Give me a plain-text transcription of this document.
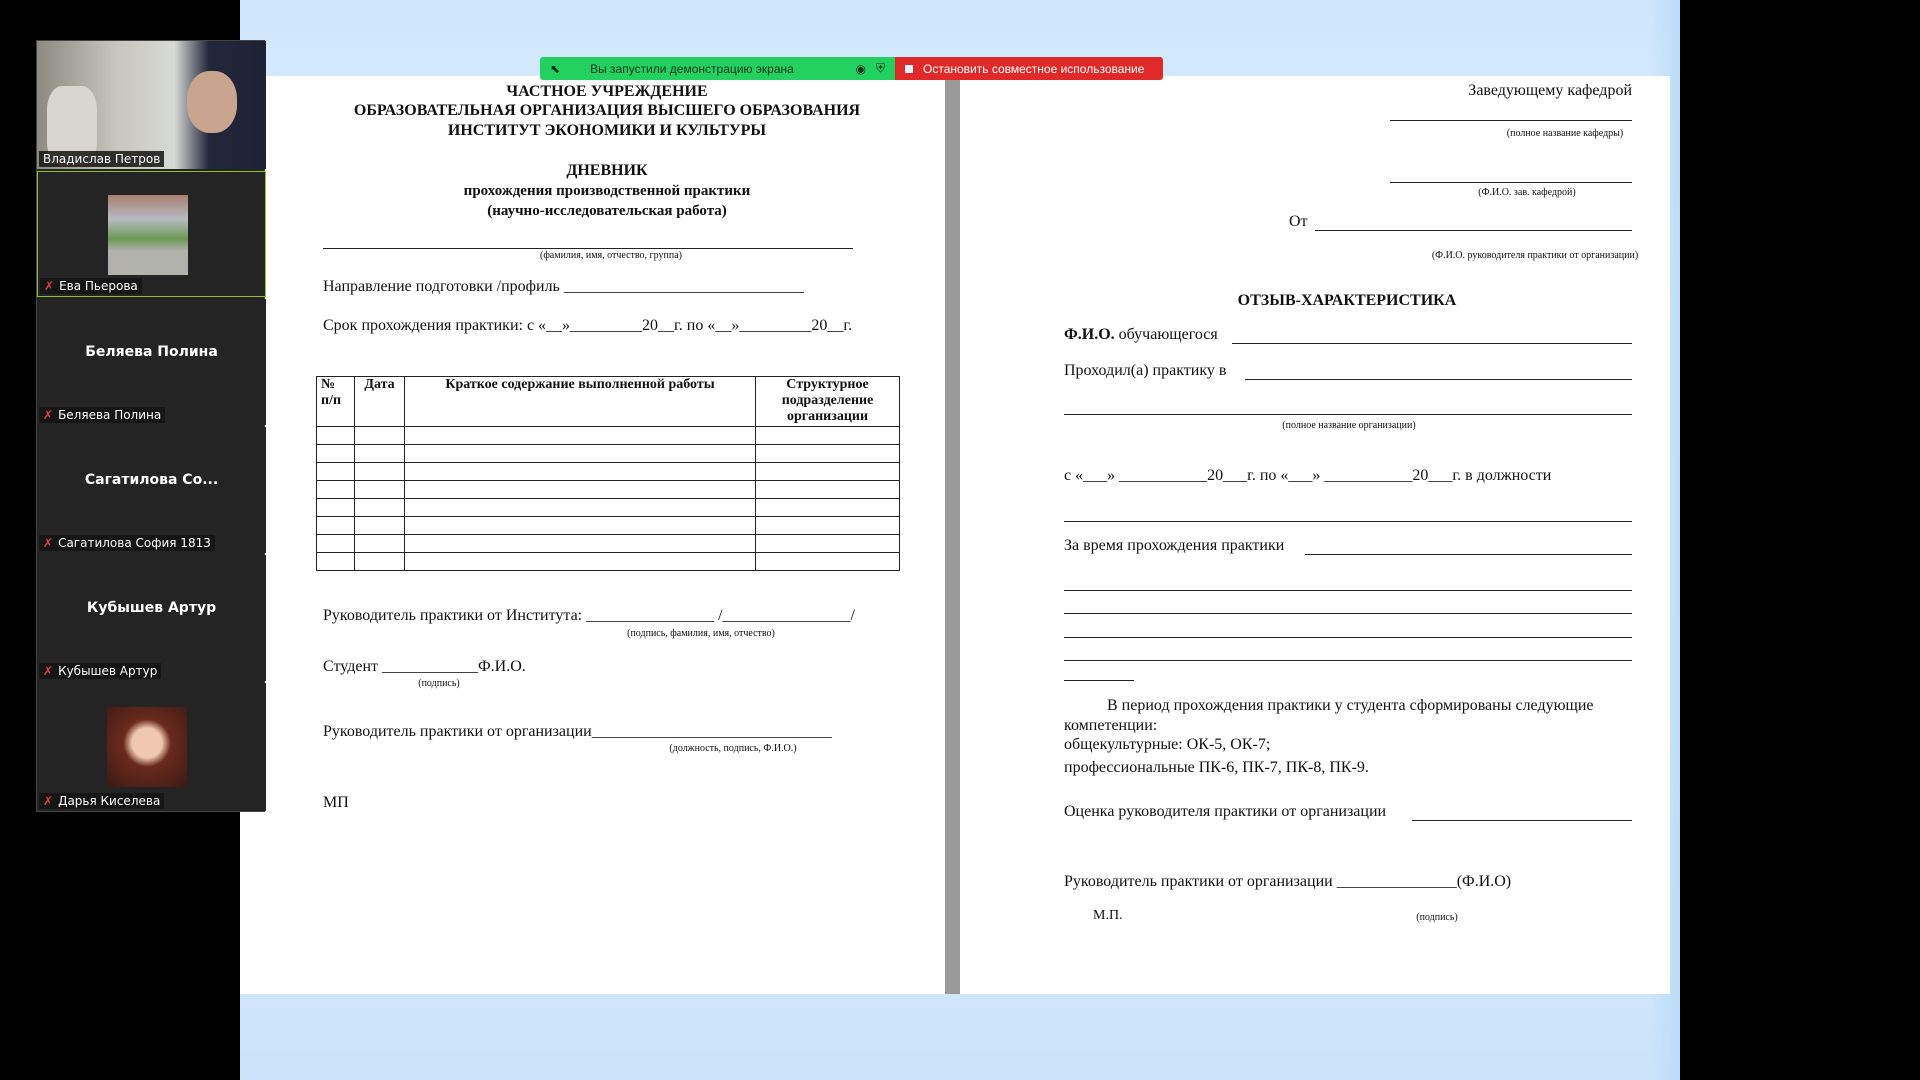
⬉	Вы запустили демонстрацию экрана	◉ ⛨	Остановить совместное использование
Владислав Петров
✗ Ева Пьерова
Беляева Полина
✗ Беляева Полина
Сагатилова Со...
✗ Сагатилова София 1813
Кубышев Артур
✗ Кубышев Артур
✗ Дарья Киселева
ЧАСТНОЕ УЧРЕЖДЕНИЕ
ОБРАЗОВАТЕЛЬНАЯ ОРГАНИЗАЦИЯ ВЫСШЕГО ОБРАЗОВАНИЯ
ИНСТИТУТ ЭКОНОМИКИ И КУЛЬТУРЫ
ДНЕВНИК
прохождения производственной практики
(научно-исследовательская работа)
(фамилия, имя, отчество, группа)
Направление подготовки /профиль ______________________________
Срок прохождения практики: с «__»_________20__г. по «__»_________20__г.
№ п/п	Дата	Краткое содержание выполненной работы	Структурное подразделение организации

Руководитель практики от Института: ________________ /________________/
(подпись, фамилия, имя, отчество)
Студент ____________Ф.И.О.
(подпись)
Руководитель практики от организации______________________________
(должность, подпись, Ф.И.О.)
МП
Заведующему кафедрой
(полное название кафедры)
(Ф.И.О. зав. кафедрой)
От
(Ф.И.О. руководителя практики от организации)
ОТЗЫВ-ХАРАКТЕРИСТИКА
Ф.И.О. обучающегося
Проходил(а) практику в
(полное название организации)
с «___» ___________20___г. по «___» ___________20___г. в должности
За время прохождения практики
В период прохождения практики у студента сформированы следующие
компетенции:
общекультурные: ОК-5, ОК-7;
профессиональные ПК-6, ПК-7, ПК-8, ПК-9.
Оценка руководителя практики от организации
Руководитель практики от организации _______________(Ф.И.О)
М.П.	(подпись)
